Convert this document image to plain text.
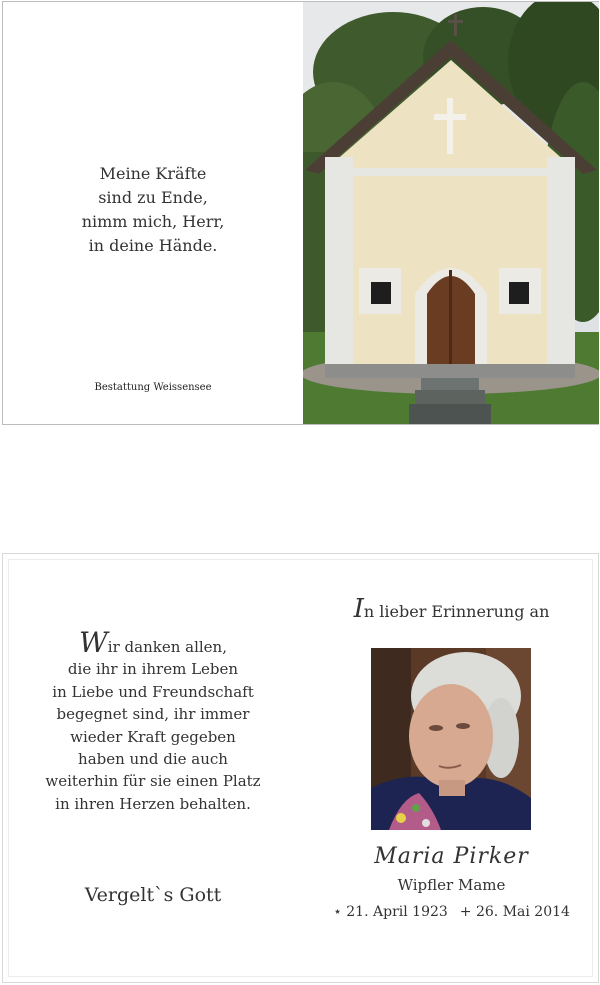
Meine Kräfte
sind zu Ende,
nimm mich, Herr,
in deine Hände.
Bestattung Weissensee
Wir danken allen,
die ihr in ihrem Leben
in Liebe und Freundschaft
begegnet sind, ihr immer
wieder Kraft gegeben
haben und die auch
weiterhin für sie einen Platz
in ihren Herzen behalten.
Vergelt`s Gott
In lieber Erinnerung an
Maria Pirker
Wipfler Mame
⋆ 21. April 1923 + 26. Mai 2014
